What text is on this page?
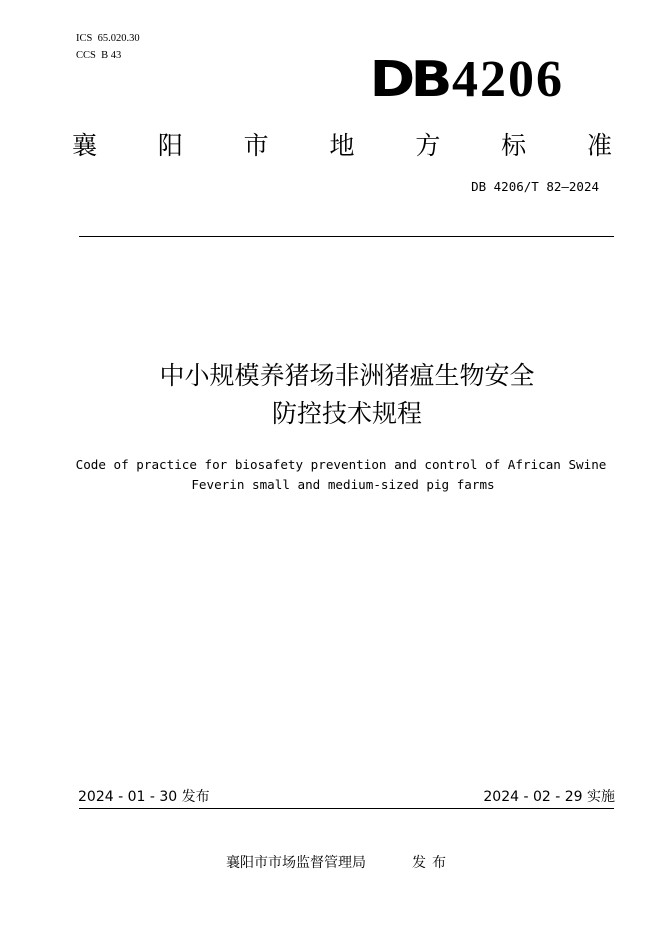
ICS  65.020.30
CCS  B 43	DB4206
襄 阳 市 地 方 标 准
DB 4206/T 82—2024
中小规模养猪场非洲猪瘟生物安全
防控技术规程
Code of practice for biosafety prevention and control of African Swine
Feverin small and medium-sized pig farms
2024 - 01 - 30 发布	2024 - 02 - 29 实施
襄阳市市场监督管理局	发布
